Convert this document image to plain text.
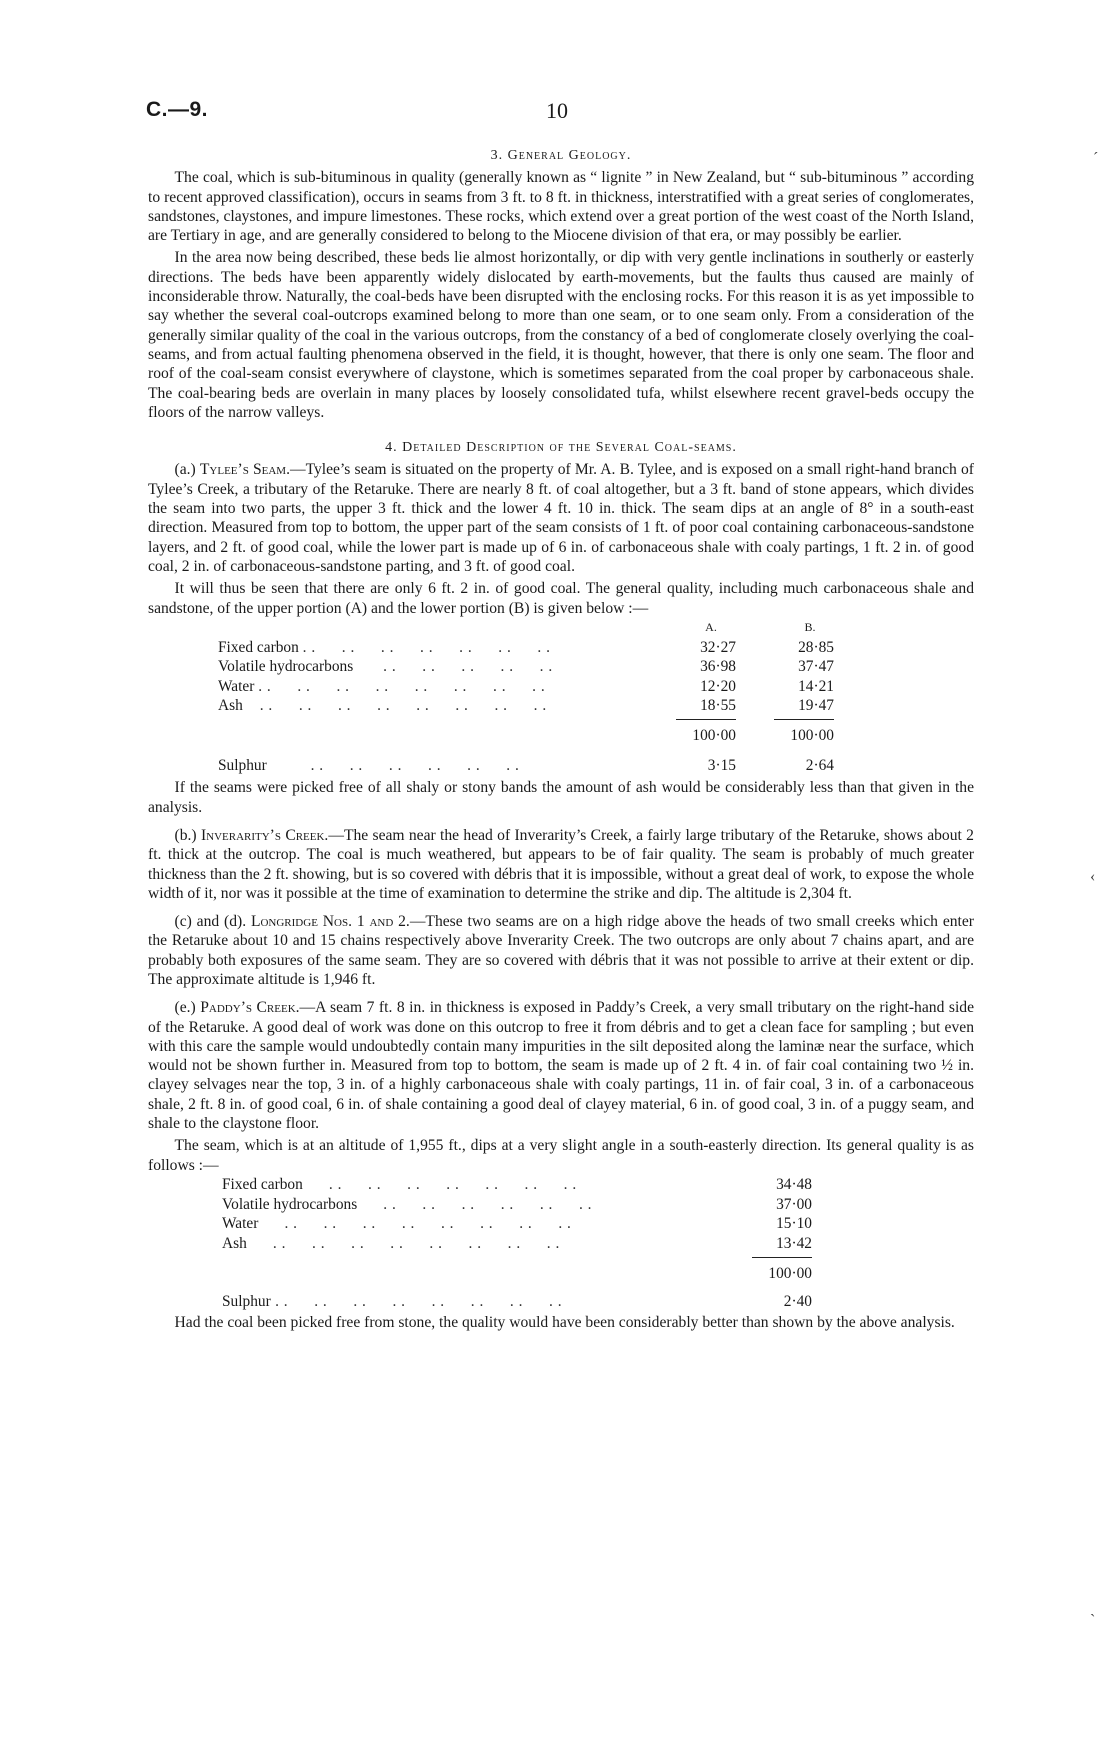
C.—9.	10
ˊ
‹
3. General Geology.

The coal, which is sub-bituminous in quality (generally known as “ lignite ” in New Zealand, but “ sub-bituminous ” according to recent approved classification), occurs in seams from 3 ft. to 8 ft. in thickness, interstratified with a great series of conglomerates, sandstones, claystones, and impure limestones. These rocks, which extend over a great portion of the west coast of the North Island, are Tertiary in age, and are generally considered to belong to the Miocene division of that era, or may possibly be earlier.

In the area now being described, these beds lie almost horizontally, or dip with very gentle inclinations in southerly or easterly directions. The beds have been apparently widely dislocated by earth-movements, but the faults thus caused are mainly of inconsiderable throw. Naturally, the coal-beds have been disrupted with the enclosing rocks. For this reason it is as yet impossible to say whether the several coal-outcrops examined belong to more than one seam, or to one seam only. From a consideration of the generally similar quality of the coal in the various outcrops, from the constancy of a bed of conglomerate closely overlying the coal-seams, and from actual faulting phenomena observed in the field, it is thought, however, that there is only one seam. The floor and roof of the coal-seam consist everywhere of claystone, which is sometimes separated from the coal proper by carbonaceous shale. The coal-bearing beds are overlain in many places by loosely consolidated tufa, whilst elsewhere recent gravel-beds occupy the floors of the narrow valleys.

4. Detailed Description of the Several Coal-seams.

(a.) Tylee’s Seam.—Tylee’s seam is situated on the property of Mr. A. B. Tylee, and is exposed on a small right-hand branch of Tylee’s Creek, a tributary of the Retaruke. There are nearly 8 ft. of coal altogether, but a 3 ft. band of stone appears, which divides the seam into two parts, the upper 3 ft. thick and the lower 4 ft. 10 in. thick. The seam dips at an angle of 8° in a south-east direction. Measured from top to bottom, the upper part of the seam consists of 1 ft. of poor coal containing carbonaceous-sandstone layers, and 2 ft. of good coal, while the lower part is made up of 6 in. of carbonaceous shale with coaly partings, 1 ft. 2 in. of good coal, 2 in. of carbonaceous-sandstone parting, and 3 ft. of good coal.

It will thus be seen that there are only 6 ft. 2 in. of good coal. The general quality, including much carbonaceous shale and sandstone, of the upper portion (A) and the lower portion (B) is given below :—

	A.	B.
Fixed carbon . .      . .      . .      . .      . .      . .      . .	32·27	28·85
Volatile hydrocarbons       . .      . .      . .      . .      . .	36·98	37·47
Water . .      . .      . .      . .      . .      . .      . .      . .	12·20	14·21
Ash    . .      . .      . .      . .      . .      . .      . .      . .	18·55	19·47

100·00	100·00
Sulphur . .      . .      . .      . .      . .      . .	3·15	2·64

If the seams were picked free of all shaly or stony bands the amount of ash would be considerably less than that given in the analysis.

(b.) Inverarity’s Creek.—The seam near the head of Inverarity’s Creek, a fairly large tributary of the Retaruke, shows about 2 ft. thick at the outcrop. The coal is much weathered, but appears to be of fair quality. The seam is probably of much greater thickness than the 2 ft. showing, but is so covered with débris that it is impossible, without a great deal of work, to expose the whole width of it, nor was it possible at the time of examination to determine the strike and dip. The altitude is 2,304 ft.

(c) and (d). Longridge Nos. 1 and 2.—These two seams are on a high ridge above the heads of two small creeks which enter the Retaruke about 10 and 15 chains respectively above Inverarity Creek. The two outcrops are only about 7 chains apart, and are probably both exposures of the same seam. They are so covered with débris that it was not possible to arrive at their extent or dip. The approximate altitude is 1,946 ft.

(e.) Paddy’s Creek.—A seam 7 ft. 8 in. in thickness is exposed in Paddy’s Creek, a very small tributary on the right-hand side of the Retaruke. A good deal of work was done on this outcrop to free it from débris and to get a clean face for sampling ; but even with this care the sample would undoubtedly contain many impurities in the silt deposited along the laminæ near the surface, which would not be shown further in. Measured from top to bottom, the seam is made up of 2 ft. 4 in. of fair coal containing two ½ in. clayey selvages near the top, 3 in. of a highly carbonaceous shale with coaly partings, 11 in. of fair coal, 3 in. of a carbonaceous shale, 2 ft. 8 in. of good coal, 6 in. of shale containing a good deal of clayey material, 6 in. of good coal, 3 in. of a puggy seam, and shale to the claystone floor.

The seam, which is at an altitude of 1,955 ft., dips at a very slight angle in a south-easterly direction. Its general quality is as follows :—

Fixed carbon      . .      . .      . .      . .      . .      . .      . .	34·48
Volatile hydrocarbons      . .      . .      . .      . .      . .      . .	37·00
Water      . .      . .      . .      . .      . .      . .      . .      . .	15·10
Ash      . .      . .      . .      . .      . .      . .      . .      . .	13·42

100·00
Sulphur . .      . .      . .      . .      . .      . .      . .      . .	2·40

Had the coal been picked free from stone, the quality would have been considerably better than shown by the above analysis.

ˏ
